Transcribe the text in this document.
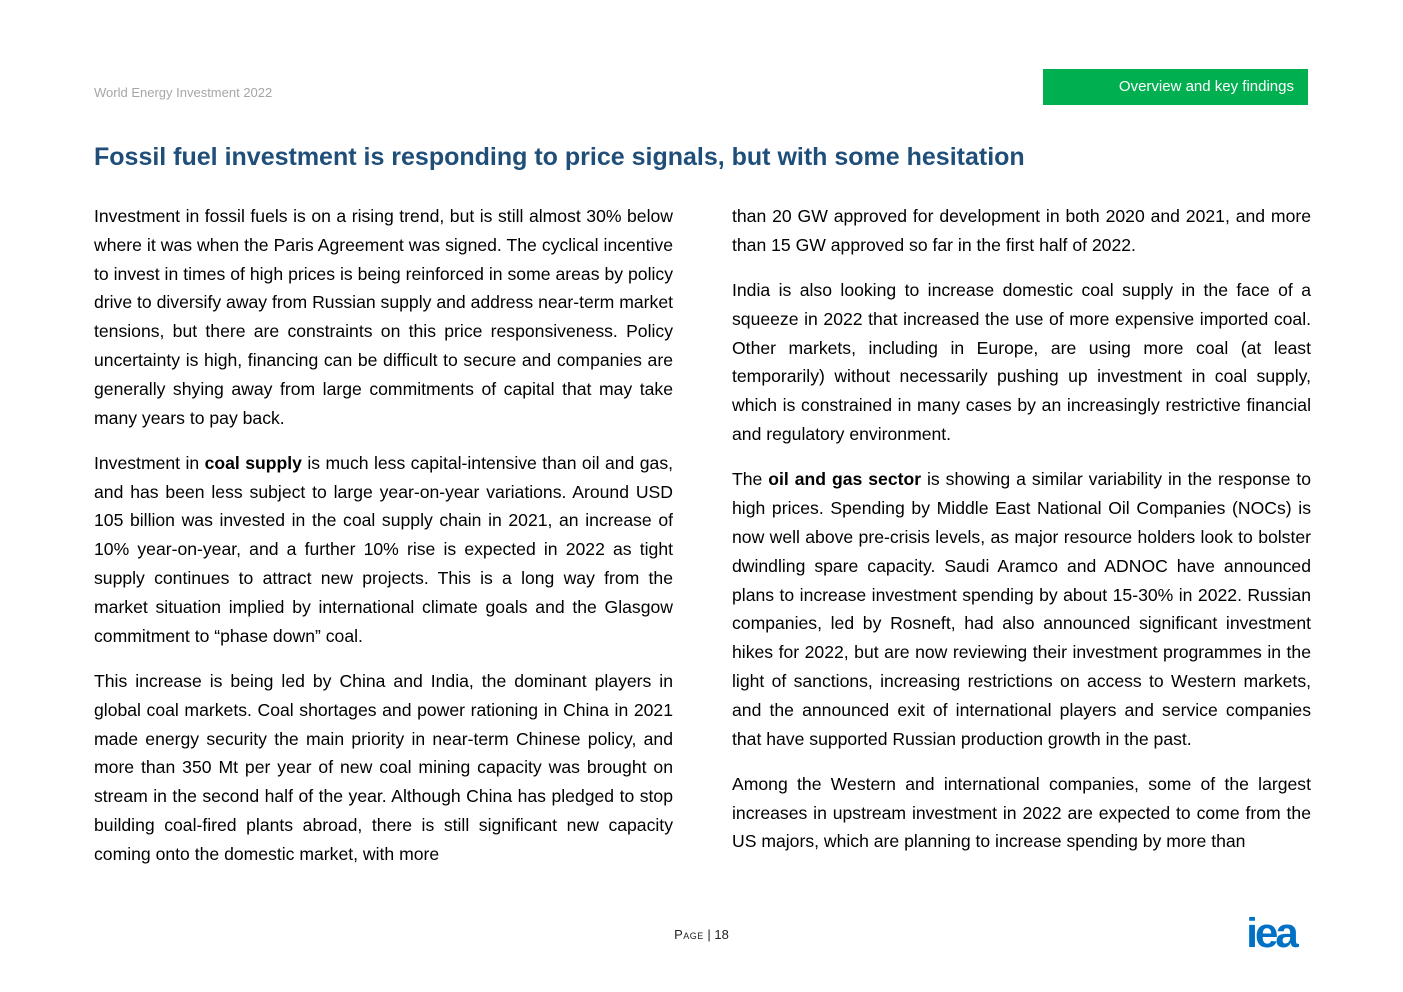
World Energy Investment 2022	Overview and key findings
Fossil fuel investment is responding to price signals, but with some hesitation

Investment in fossil fuels is on a rising trend, but is still almost 30% below where it was when the Paris Agreement was signed. The cyclical incentive to invest in times of high prices is being reinforced in some areas by policy drive to diversify away from Russian supply and address near-term market tensions, but there are constraints on this price responsiveness. Policy uncertainty is high, financing can be difficult to secure and companies are generally shying away from large commitments of capital that may take many years to pay back.

Investment in coal supply is much less capital-intensive than oil and gas, and has been less subject to large year-on-year variations. Around USD 105 billion was invested in the coal supply chain in 2021, an increase of 10% year-on-year, and a further 10% rise is expected in 2022 as tight supply continues to attract new projects. This is a long way from the market situation implied by international climate goals and the Glasgow commitment to “phase down” coal.

This increase is being led by China and India, the dominant players in global coal markets. Coal shortages and power rationing in China in 2021 made energy security the main priority in near-term Chinese policy, and more than 350 Mt per year of new coal mining capacity was brought on stream in the second half of the year. Although China has pledged to stop building coal-fired plants abroad, there is still significant new capacity coming onto the domestic market, with more

than 20 GW approved for development in both 2020 and 2021, and more than 15 GW approved so far in the first half of 2022.

India is also looking to increase domestic coal supply in the face of a squeeze in 2022 that increased the use of more expensive imported coal. Other markets, including in Europe, are using more coal (at least temporarily) without necessarily pushing up investment in coal supply, which is constrained in many cases by an increasingly restrictive financial and regulatory environment.

The oil and gas sector is showing a similar variability in the response to high prices. Spending by Middle East National Oil Companies (NOCs) is now well above pre-crisis levels, as major resource holders look to bolster dwindling spare capacity. Saudi Aramco and ADNOC have announced plans to increase investment spending by about 15-30% in 2022. Russian companies, led by Rosneft, had also announced significant investment hikes for 2022, but are now reviewing their investment programmes in the light of sanctions, increasing restrictions on access to Western markets, and the announced exit of international players and service companies that have supported Russian production growth in the past.

Among the Western and international companies, some of the largest increases in upstream investment in 2022 are expected to come from the US majors, which are planning to increase spending by more than

Page | 18	iea
